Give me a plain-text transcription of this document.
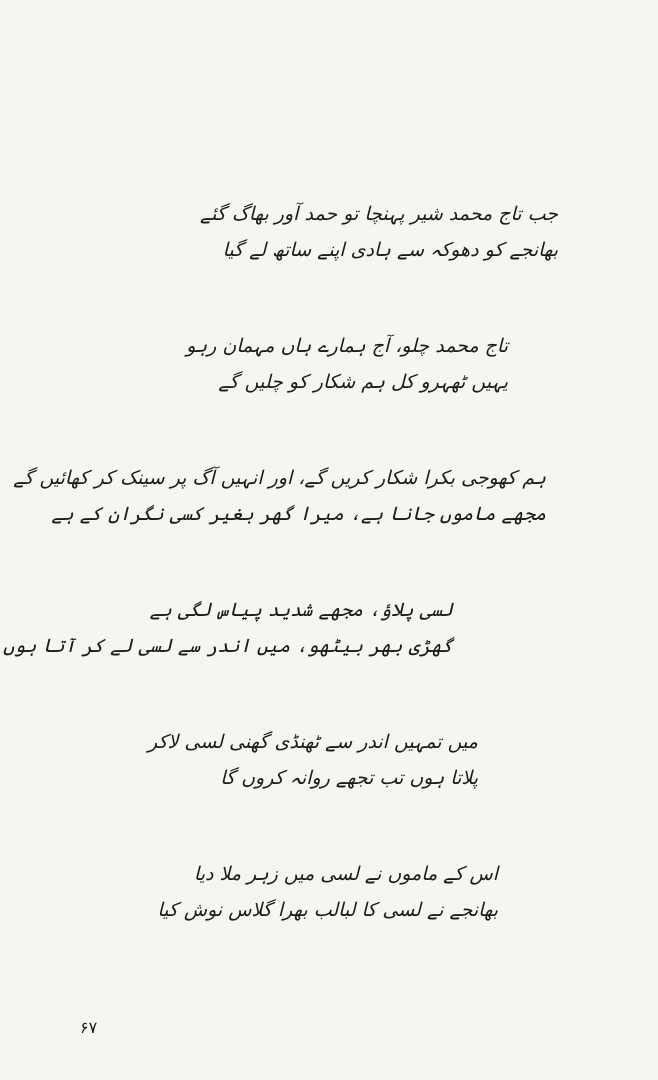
جب تاج محمد شیر پہنچا تو حمد آور بھاگ گئے
بھانجے کو دھوکہ سے ہادی اپنے ساتھ لے گیا
تاج محمد چلو، آج ہمارے ہاں مہمان رہو
یہیں ٹھہرو کل ہم شکار کو چلیں گے
ہم کھوجی بکرا شکار کریں گے، اور انہیں آگ پر سینک کر کھائیں گے
مجھے ماموں جانا ہے، میرا گھر بغیر کسی نگران کے ہے
لسی پلاؤ، مجھے شدید پیاس لگی ہے
گھڑی بھر بیٹھو، میں اندر سے لسی لے کر آتا ہوں
میں تمہیں اندر سے ٹھنڈی گھنی لسی لاکر
پلاتا ہوں تب تجھے روانہ کروں گا
اس کے ماموں نے لسی میں زہر ملا دیا
بھانجے نے لسی کا لبالب بھرا گلاس نوش کیا
۶۷
